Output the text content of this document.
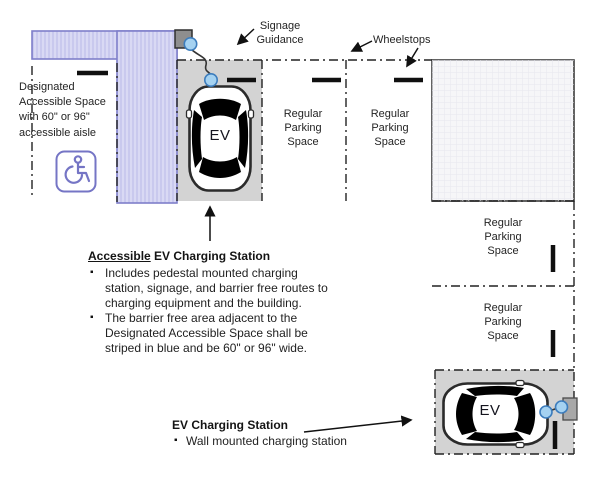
Signage
Guidance	Wheelstops
Designated
Accessible Space
with 60" or 96"
accessible aisle
Regular
Parking
Space
Regular
Parking
Space
Regular
Parking
Space
Regular
Parking
Space
EV
EV
Accessible EV Charging Station
▪ Includes pedestal mounted charging
station, signage, and barrier free routes to
charging equipment and the building.
▪ The barrier free area adjacent to the
Designated Accessible Space shall be
striped in blue and be 60" or 96" wide.
EV Charging Station
▪ Wall mounted charging station
